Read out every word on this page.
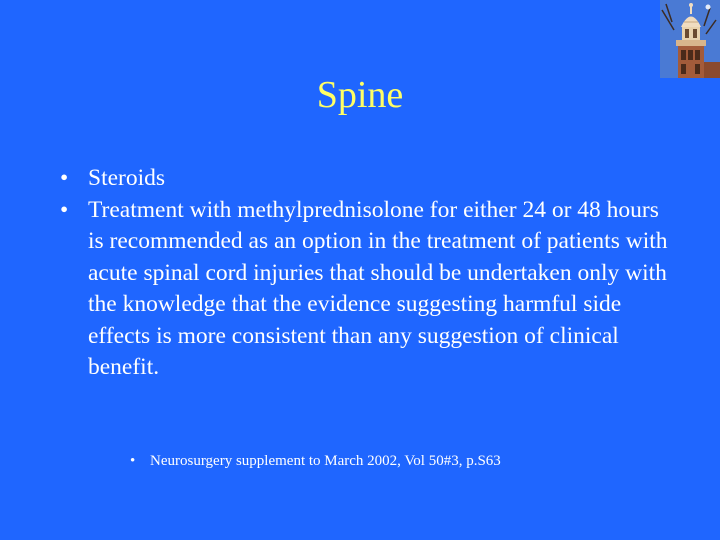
Spine
• Steroids
• Treatment with methylprednisolone for either 24 or 48 hours is recommended as an option in the treatment of patients with acute spinal cord injuries that should be undertaken only with the knowledge that the evidence suggesting harmful side effects is more consistent than any suggestion of clinical benefit.
• Neurosurgery supplement to March 2002, Vol 50#3, p.S63
